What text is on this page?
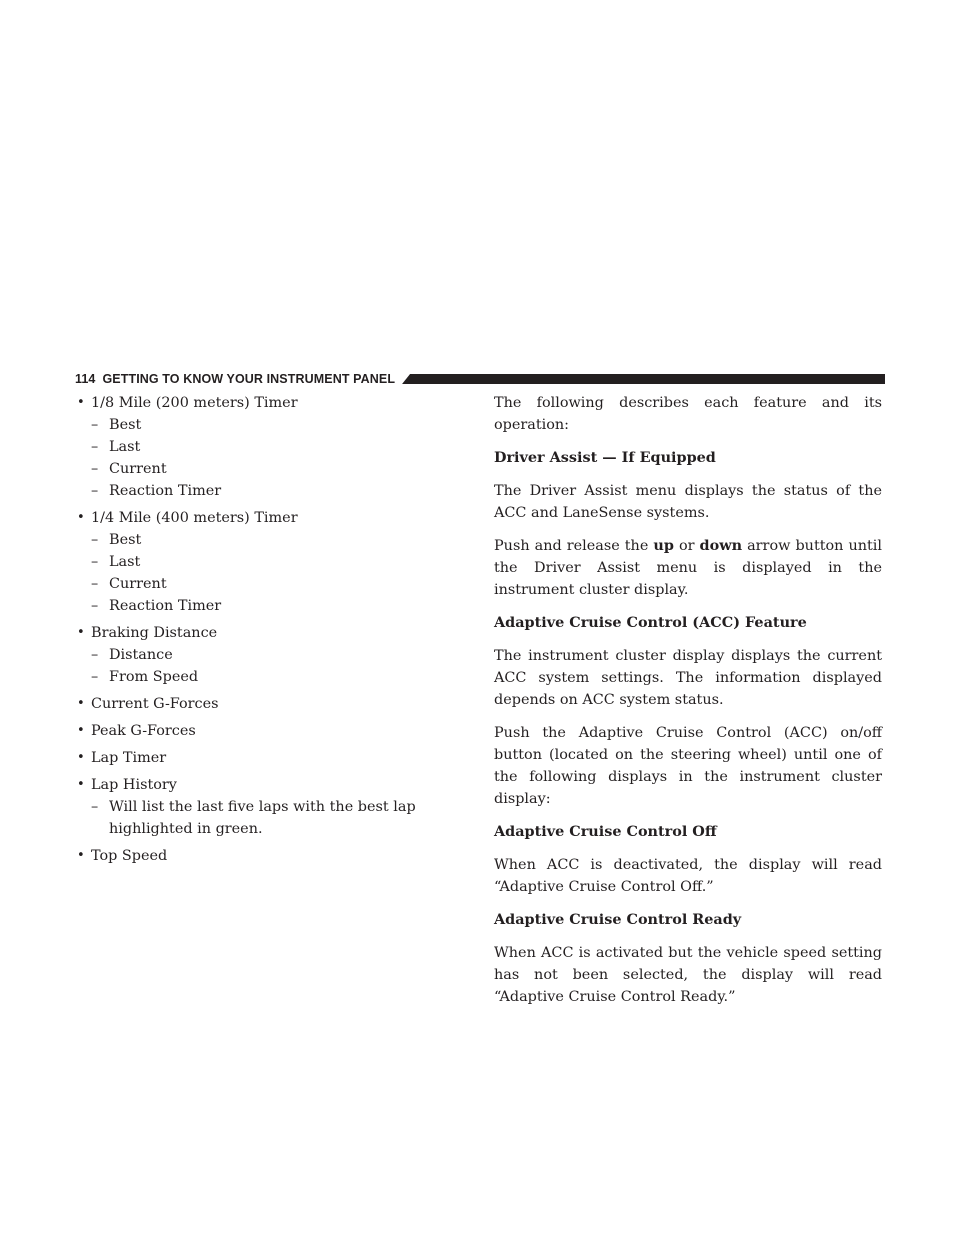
114 GETTING TO KNOW YOUR INSTRUMENT PANEL
• 1/8 Mile (200 meters) Timer
– Best
– Last
– Current
– Reaction Timer
• 1/4 Mile (400 meters) Timer
– Best
– Last
– Current
– Reaction Timer
• Braking Distance
– Distance
– From Speed
• Current G-Forces
• Peak G-Forces
• Lap Timer
• Lap History
– Will list the last five laps with the best lap highlighted in green.
• Top Speed

The following describes each feature and its operation:

Driver Assist — If Equipped

The Driver Assist menu displays the status of the ACC and LaneSense systems.

Push and release the up or down arrow button until the Driver Assist menu is displayed in the instrument cluster display.

Adaptive Cruise Control (ACC) Feature

The instrument cluster display displays the current ACC system settings. The information displayed depends on ACC system status.

Push the Adaptive Cruise Control (ACC) on/off button (located on the steering wheel) until one of the following displays in the instrument cluster display:

Adaptive Cruise Control Off

When ACC is deactivated, the display will read “Adaptive Cruise Control Off.”

Adaptive Cruise Control Ready

When ACC is activated but the vehicle speed setting has not been selected, the display will read “Adaptive Cruise Control Ready.”
